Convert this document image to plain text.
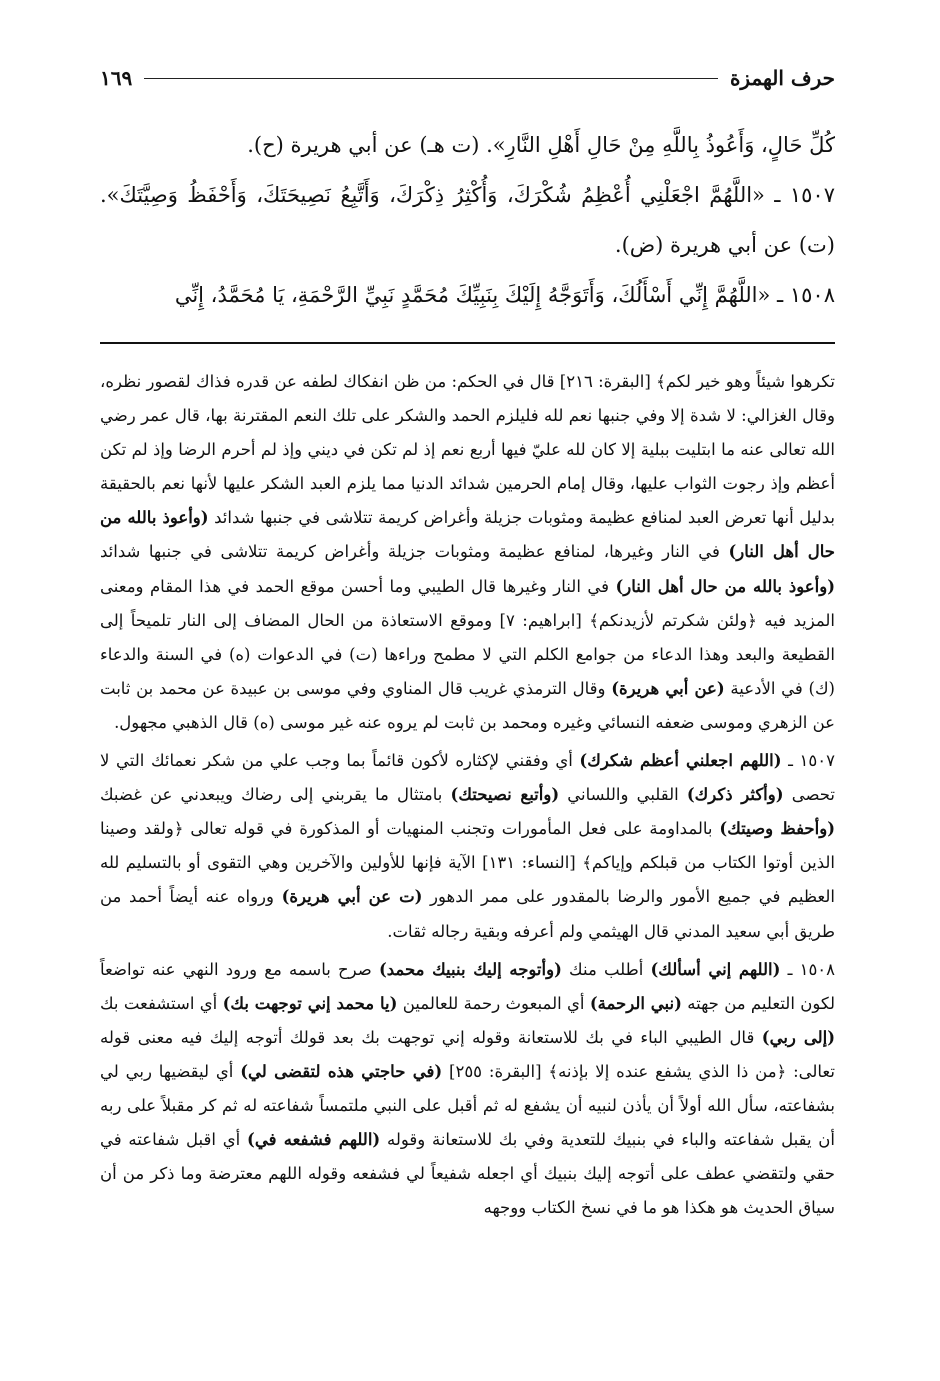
حرف الهمزة
١٦٩

كُلِّ حَالٍ، وَأَعُوذُ بِاللَّهِ مِنْ حَالِ أَهْلِ النَّارِ». (ت هـ) عن أبي هريرة (ح).

١٥٠٧ ـ «اللَّهُمَّ اجْعَلْنِي أُعْظِمُ شُكْرَكَ، وَأُكْثِرُ ذِكْرَكَ، وَأَتَّبِعُ نَصِيحَتَكَ، وَأَحْفَظُ وَصِيَّتَكَ». (ت) عن أبي هريرة (ض).

١٥٠٨ ـ «اللَّهُمَّ إِنِّي أَسْأَلُكَ، وَأَتَوَجَّهُ إِلَيْكَ بِنَبِيِّكَ مُحَمَّدٍ نَبِيِّ الرَّحْمَةِ، يَا مُحَمَّدُ، إِنِّي

تكرهوا شيئاً وهو خير لكم﴾ [البقرة: ٢١٦] قال في الحكم: من ظن انفكاك لطفه عن قدره فذاك لقصور نظره، وقال الغزالي: لا شدة إلا وفي جنبها نعم لله فليلزم الحمد والشكر على تلك النعم المقترنة بها، قال عمر رضي الله تعالى عنه ما ابتليت ببلية إلا كان لله عليّ فيها أربع نعم إذ لم تكن في ديني وإذ لم أحرم الرضا وإذ لم تكن أعظم وإذ رجوت الثواب عليها، وقال إمام الحرمين شدائد الدنيا مما يلزم العبد الشكر عليها لأنها نعم بالحقيقة بدليل أنها تعرض العبد لمنافع عظيمة ومثوبات جزيلة وأغراض كريمة تتلاشى في جنبها شدائد (وأعوذ بالله من حال أهل النار) في النار وغيرها، لمنافع عظيمة ومثوبات جزيلة وأغراض كريمة تتلاشى في جنبها شدائد (وأعوذ بالله من حال أهل النار) في النار وغيرها قال الطيبي وما أحسن موقع الحمد في هذا المقام ومعنى المزيد فيه ﴿ولئن شكرتم لأزيدنكم﴾ [ابراهيم: ٧] وموقع الاستعاذة من الحال المضاف إلى النار تلميحاً إلى القطيعة والبعد وهذا الدعاء من جوامع الكلم التي لا مطمح وراءها (ت) في الدعوات (ه) في السنة والدعاء (ك) في الأدعية (عن أبي هريرة) وقال الترمذي غريب قال المناوي وفي موسى بن عبيدة عن محمد بن ثابت عن الزهري وموسى ضعفه النسائي وغيره ومحمد بن ثابت لم يروه عنه غير موسى (ه) قال الذهبي مجهول.

١٥٠٧ ـ (اللهم اجعلني أعظم شكرك) أي وفقني لإكثاره لأكون قائماً بما وجب علي من شكر نعمائك التي لا تحصى (وأكثر ذكرك) القلبي واللساني (وأتبع نصيحتك) بامتثال ما يقربني إلى رضاك ويبعدني عن غضبك (وأحفظ وصيتك) بالمداومة على فعل المأمورات وتجنب المنهيات أو المذكورة في قوله تعالى ﴿ولقد وصينا الذين أوتوا الكتاب من قبلكم وإياكم﴾ [النساء: ١٣١] الآية فإنها للأولين والآخرين وهي التقوى أو بالتسليم لله العظيم في جميع الأمور والرضا بالمقدور على ممر الدهور (ت عن أبي هريرة) ورواه عنه أيضاً أحمد من طريق أبي سعيد المدني قال الهيثمي ولم أعرفه وبقية رجاله ثقات.

١٥٠٨ ـ (اللهم إني أسألك) أطلب منك (وأتوجه إليك بنبيك محمد) صرح باسمه مع ورود النهي عنه تواضعاً لكون التعليم من جهته (نبي الرحمة) أي المبعوث رحمة للعالمين (يا محمد إني توجهت بك) أي استشفعت بك (إلى ربي) قال الطيبي الباء في بك للاستعانة وقوله إني توجهت بك بعد قولك أتوجه إليك فيه معنى قوله تعالى: ﴿من ذا الذي يشفع عنده إلا بإذنه﴾ [البقرة: ٢٥٥] (في حاجتي هذه لتقضى لي) أي ليقضيها ربي لي بشفاعته، سأل الله أولاً أن يأذن لنبيه أن يشفع له ثم أقبل على النبي ملتمساً شفاعته له ثم كر مقبلاً على ربه أن يقبل شفاعته والباء في بنبيك للتعدية وفي بك للاستعانة وقوله (اللهم فشفعه في) أي اقبل شفاعته في حقي ولتقضي عطف على أتوجه إليك بنبيك أي اجعله شفيعاً لي فشفعه وقوله اللهم معترضة وما ذكر من أن سياق الحديث هو هكذا هو ما في نسخ الكتاب ووجهه
